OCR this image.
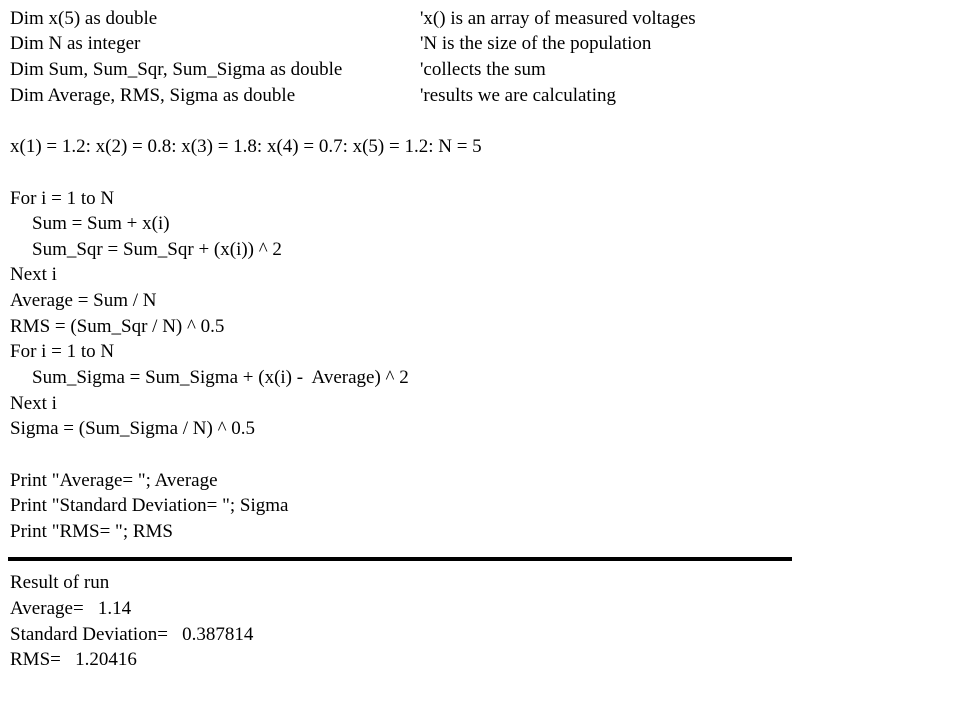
Dim x(5) as double	'x() is an array of measured voltages
Dim N as integer	'N is the size of the population
Dim Sum, Sum_Sqr, Sum_Sigma as double	'collects the sum
Dim Average, RMS, Sigma as double	'results we are calculating
x(1) = 1.2: x(2) = 0.8: x(3) = 1.8: x(4) = 0.7: x(5) = 1.2: N = 5
For i = 1 to N
Sum = Sum + x(i)
Sum_Sqr = Sum_Sqr + (x(i)) ^ 2
Next i
Average = Sum / N
RMS = (Sum_Sqr / N) ^ 0.5
For i = 1 to N
Sum_Sigma = Sum_Sigma + (x(i) -  Average) ^ 2
Next i
Sigma = (Sum_Sigma / N) ^ 0.5
Print "Average= "; Average
Print "Standard Deviation= "; Sigma
Print "RMS= "; RMS
Result of run
Average=   1.14
Standard Deviation=   0.387814
RMS=   1.20416
